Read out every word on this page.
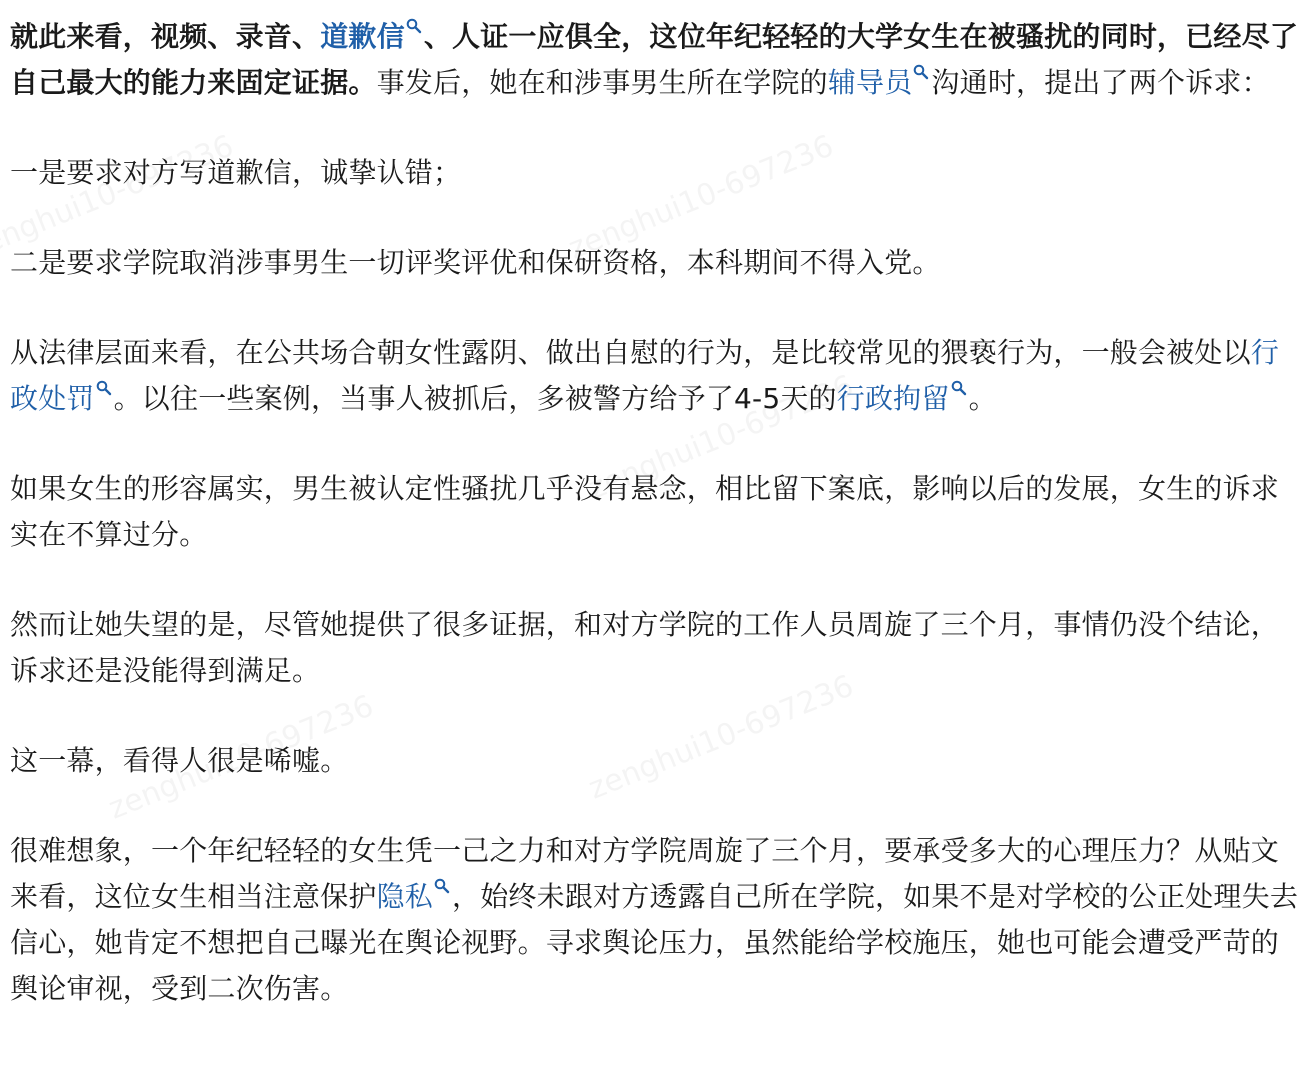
就此来看，视频、录音、道歉信 、人证一应俱全，这位年纪轻轻的大学女生在被骚扰的同时，已经尽了自己最大的能力来固定证据。事发后，她在和涉事男生所在学院的辅导员 沟通时，提出了两个诉求：

一是要求对方写道歉信，诚挚认错；

二是要求学院取消涉事男生一切评奖评优和保研资格，本科期间不得入党。

从法律层面来看，在公共场合朝女性露阴、做出自慰的行为，是比较常见的猥亵行为，一般会被处以行政处罚 。以往一些案例，当事人被抓后，多被警方给予了4-5天的行政拘留 。

如果女生的形容属实，男生被认定性骚扰几乎没有悬念，相比留下案底，影响以后的发展，女生的诉求实在不算过分。

然而让她失望的是，尽管她提供了很多证据，和对方学院的工作人员周旋了三个月，事情仍没个结论，诉求还是没能得到满足。

这一幕，看得人很是唏嘘。

很难想象，一个年纪轻轻的女生凭一己之力和对方学院周旋了三个月，要承受多大的心理压力？从贴文来看，这位女生相当注意保护隐私 ，始终未跟对方透露自己所在学院，如果不是对学校的公正处理失去信心，她肯定不想把自己曝光在舆论视野。寻求舆论压力，虽然能给学校施压，她也可能会遭受严苛的舆论审视，受到二次伤害。
